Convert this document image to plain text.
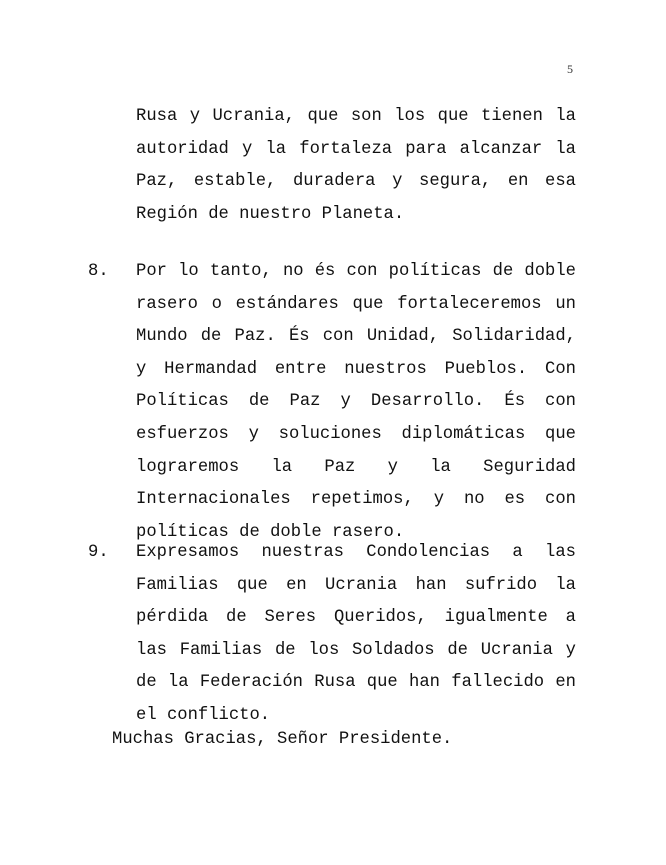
5
Rusa y Ucrania, que son los que tienen la autoridad y la fortaleza para alcanzar la Paz, estable, duradera y segura, en esa Región de nuestro Planeta.
8.	Por lo tanto, no és con políticas de doble rasero o estándares que fortaleceremos un Mundo de Paz. És con Unidad, Solidaridad, y Hermandad entre nuestros Pueblos. Con Políticas de Paz y Desarrollo. És con esfuerzos y soluciones diplomáticas que lograremos la Paz y la Seguridad Internacionales repetimos, y no es con políticas de doble rasero.
9.	Expresamos nuestras Condolencias a las Familias que en Ucrania han sufrido la pérdida de Seres Queridos, igualmente a las Familias de los Soldados de Ucrania y de la Federación Rusa que han fallecido en el conflicto.
Muchas Gracias, Señor Presidente.
